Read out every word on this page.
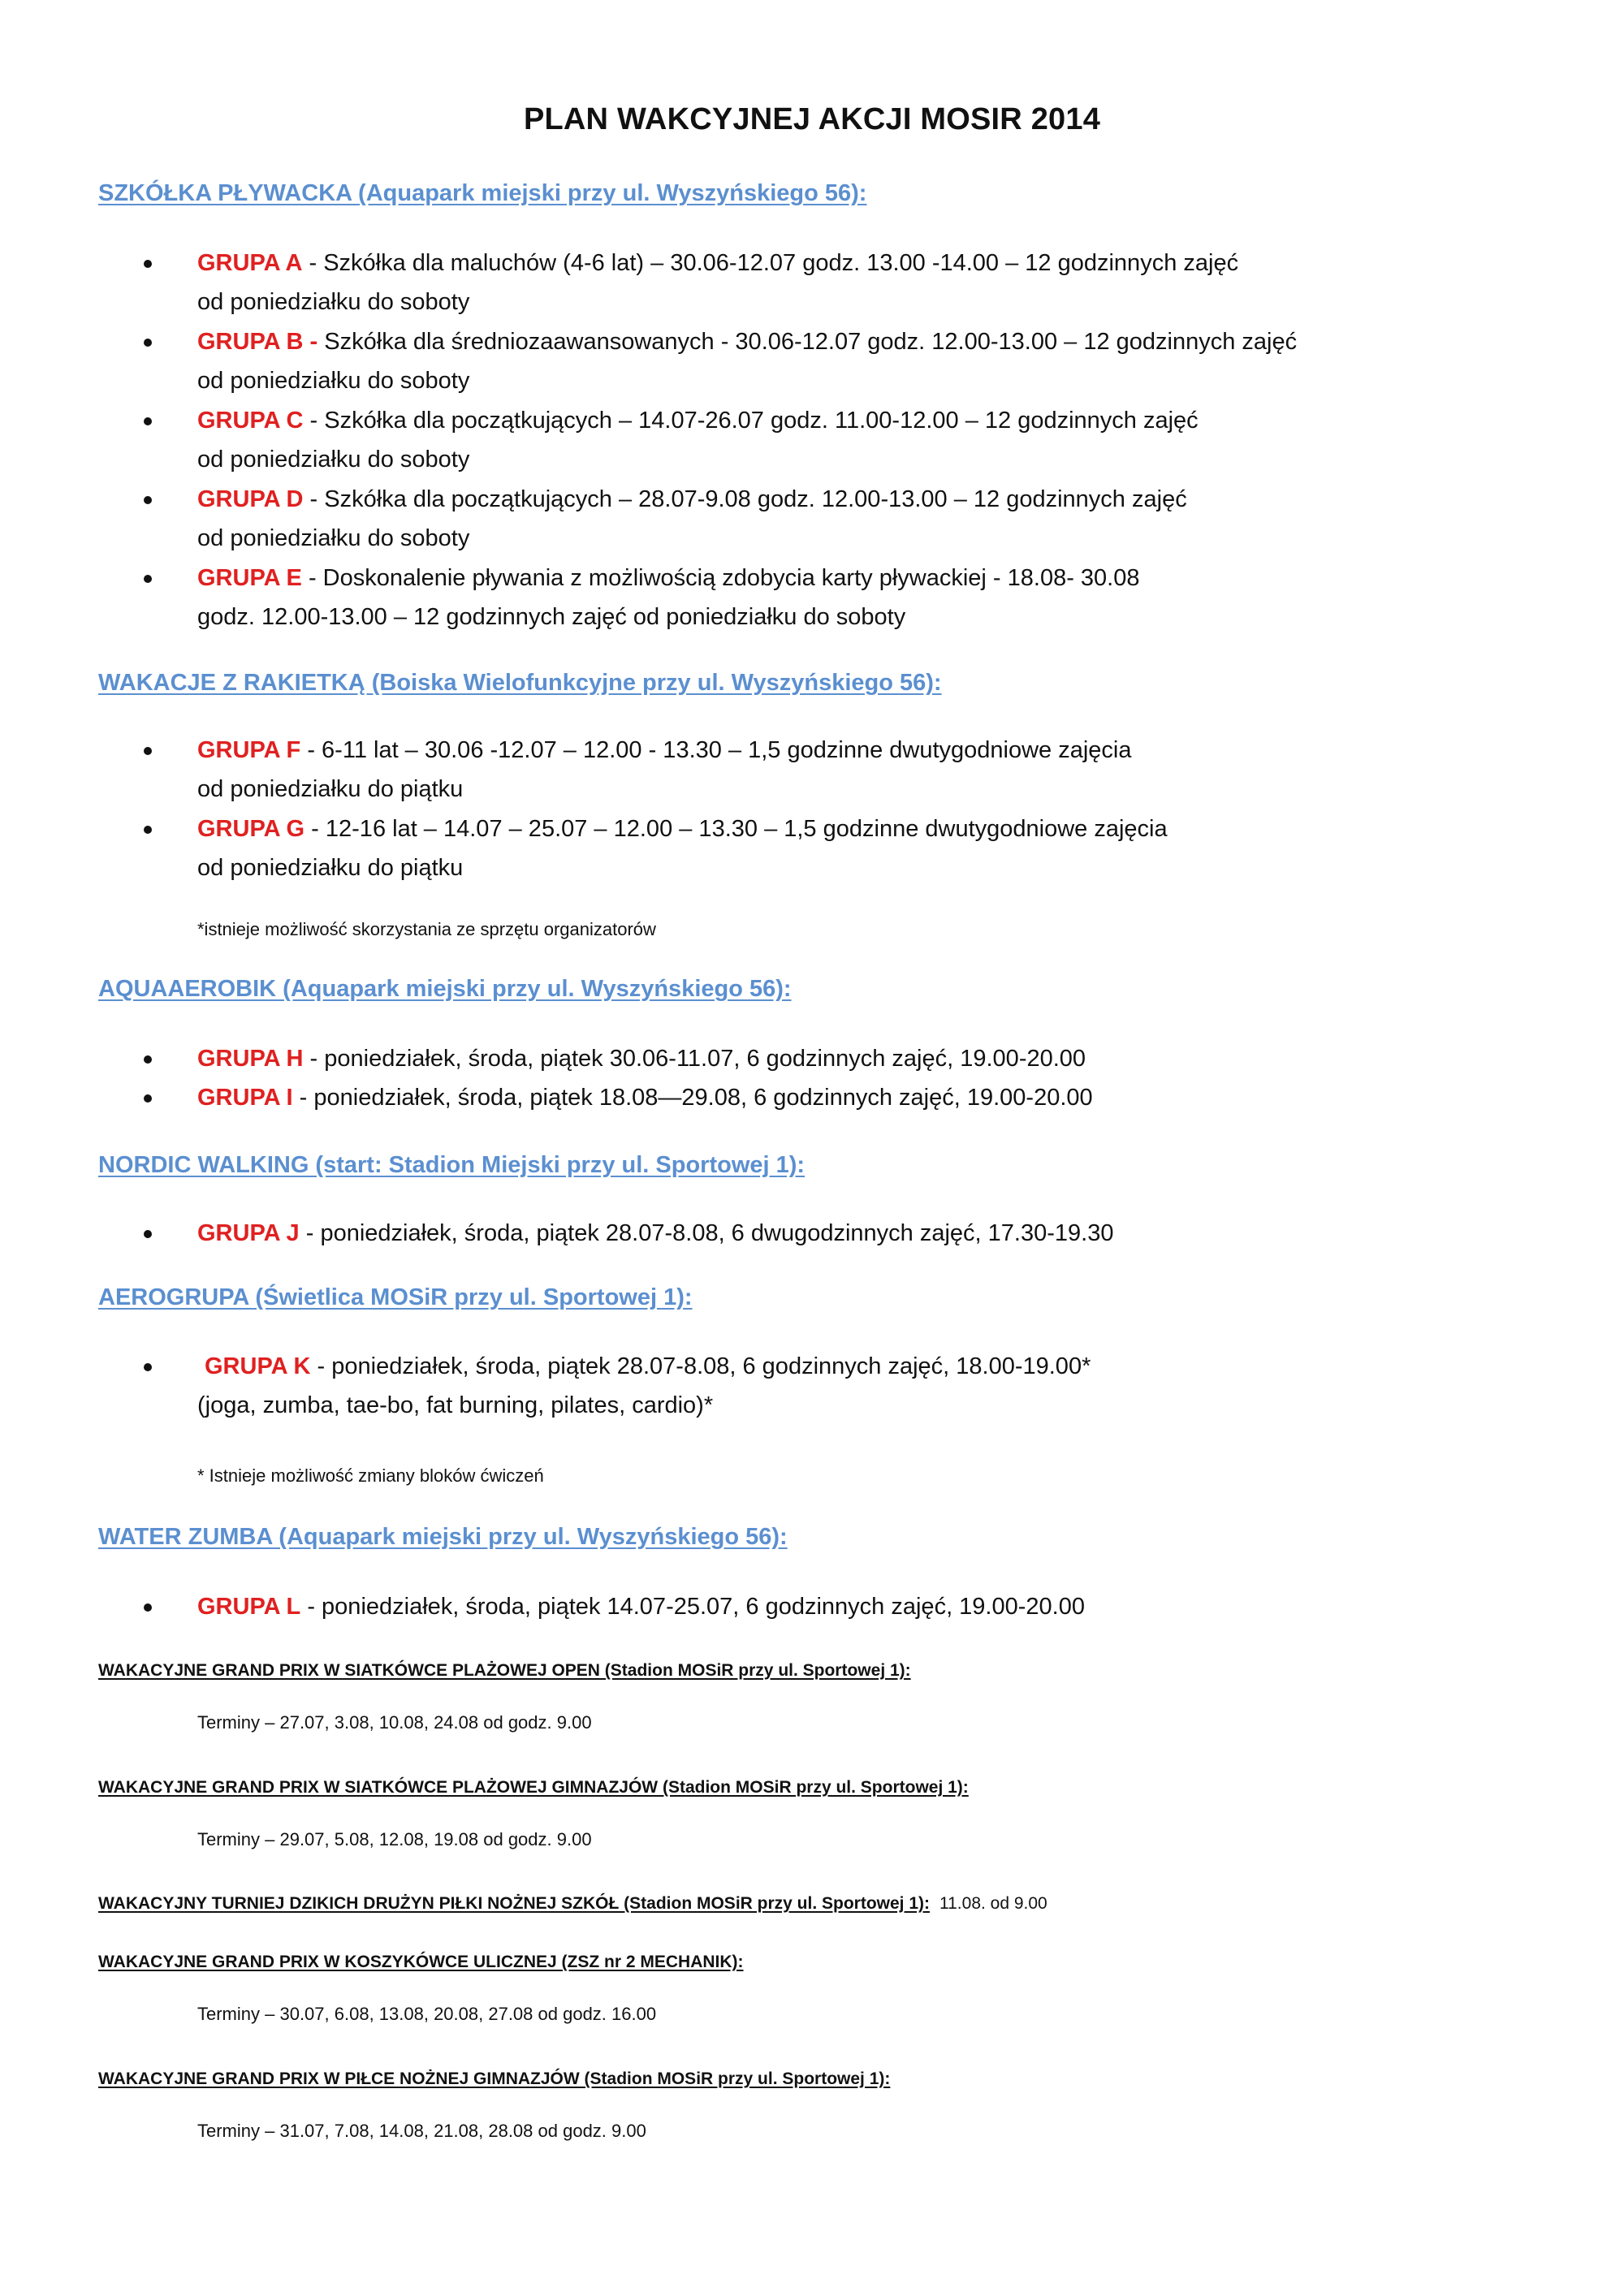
PLAN WAKCYJNEJ AKCJI MOSIR 2014
SZKÓŁKA PŁYWACKA (Aquapark miejski przy ul. Wyszyńskiego 56):
GRUPA A - Szkółka dla maluchów (4-6 lat) – 30.06-12.07 godz. 13.00 -14.00 – 12 godzinnych zajęć
od poniedziałku do soboty
GRUPA B - Szkółka dla średniozaawansowanych - 30.06-12.07 godz. 12.00-13.00 – 12 godzinnych zajęć
od poniedziałku do soboty
GRUPA C - Szkółka dla początkujących – 14.07-26.07 godz. 11.00-12.00 – 12 godzinnych zajęć
od poniedziałku do soboty
GRUPA D - Szkółka dla początkujących – 28.07-9.08 godz. 12.00-13.00 – 12 godzinnych zajęć
od poniedziałku do soboty
GRUPA E - Doskonalenie pływania z możliwością zdobycia karty pływackiej - 18.08- 30.08
godz. 12.00-13.00 – 12 godzinnych zajęć od poniedziałku do soboty
WAKACJE Z RAKIETKĄ (Boiska Wielofunkcyjne przy ul. Wyszyńskiego 56):
GRUPA F - 6-11 lat – 30.06 -12.07 – 12.00 - 13.30 – 1,5 godzinne dwutygodniowe zajęcia
od poniedziałku do piątku
GRUPA G - 12-16 lat – 14.07 – 25.07 – 12.00 – 13.30 – 1,5 godzinne dwutygodniowe zajęcia
od poniedziałku do piątku
*istnieje możliwość skorzystania ze sprzętu organizatorów
AQUAAEROBIK (Aquapark miejski przy ul. Wyszyńskiego 56):
GRUPA H - poniedziałek, środa, piątek 30.06-11.07, 6 godzinnych zajęć, 19.00-20.00
GRUPA I - poniedziałek, środa, piątek 18.08—29.08, 6 godzinnych zajęć, 19.00-20.00
NORDIC WALKING (start: Stadion Miejski przy ul. Sportowej 1):
GRUPA J - poniedziałek, środa, piątek 28.07-8.08, 6 dwugodzinnych zajęć, 17.30-19.30
AEROGRUPA (Świetlica MOSiR przy ul. Sportowej 1):
GRUPA K - poniedziałek, środa, piątek 28.07-8.08, 6 godzinnych zajęć, 18.00-19.00*
(joga, zumba, tae-bo, fat burning, pilates, cardio)*
* Istnieje możliwość zmiany bloków ćwiczeń
WATER ZUMBA (Aquapark miejski przy ul. Wyszyńskiego 56):
GRUPA L - poniedziałek, środa, piątek 14.07-25.07, 6 godzinnych zajęć, 19.00-20.00
WAKACYJNE GRAND PRIX W SIATKÓWCE PLAŻOWEJ OPEN (Stadion MOSiR przy ul. Sportowej 1):
Terminy – 27.07, 3.08, 10.08, 24.08 od godz. 9.00
WAKACYJNE GRAND PRIX W SIATKÓWCE PLAŻOWEJ GIMNAZJÓW (Stadion MOSiR przy ul. Sportowej 1):
Terminy – 29.07, 5.08, 12.08, 19.08 od godz. 9.00
WAKACYJNY TURNIEJ DZIKICH DRUŻYN PIŁKI NOŻNEJ SZKÓŁ (Stadion MOSiR przy ul. Sportowej 1): 11.08. od 9.00
WAKACYJNE GRAND PRIX W KOSZYKÓWCE ULICZNEJ (ZSZ nr 2 MECHANIK):
Terminy – 30.07, 6.08, 13.08, 20.08, 27.08 od godz. 16.00
WAKACYJNE GRAND PRIX W PIŁCE NOŻNEJ GIMNAZJÓW (Stadion MOSiR przy ul. Sportowej 1):
Terminy – 31.07, 7.08, 14.08, 21.08, 28.08 od godz. 9.00
